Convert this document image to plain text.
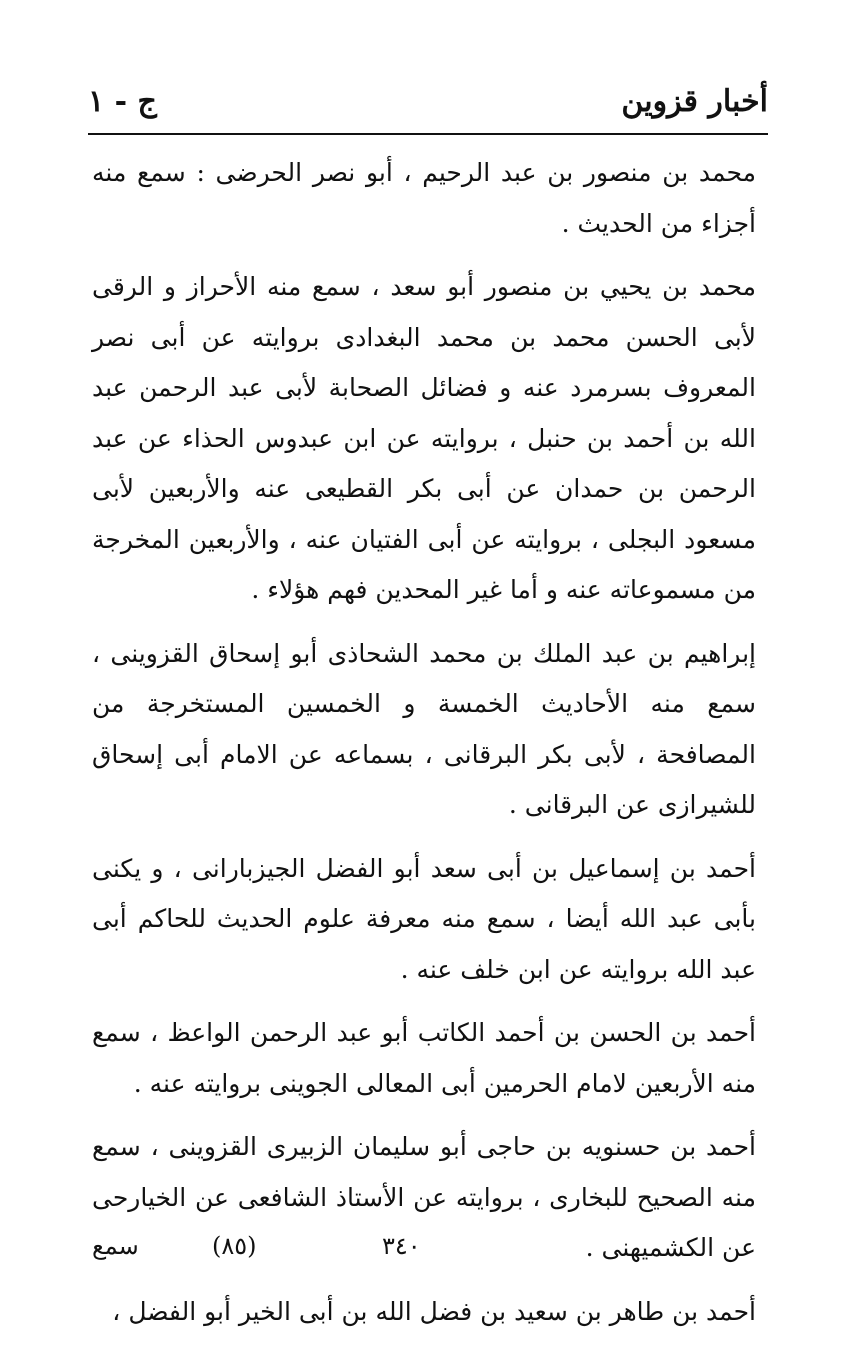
أخبار قزوين
ج - ١

محمد بن منصور بن عبد الرحيم ، أبو نصر الحرضى : سمع منه أجزاء من الحديث .

محمد بن يحيي بن منصور أبو سعد ، سمع منه الأحراز و الرقى لأبى الحسن محمد بن محمد البغدادى بروايته عن أبى نصر المعروف بسرمرد عنه و فضائل الصحابة لأبى عبد الرحمن عبد الله بن أحمد بن حنبل ، بروايته عن ابن عبدوس الحذاء عن عبد الرحمن بن حمدان عن أبى بكر القطيعى عنه والأربعين لأبى مسعود البجلى ، بروايته عن أبى الفتيان عنه ، والأربعين المخرجة من مسموعاته عنه و أما غير المحدين فهم هؤلاء .

إبراهيم بن عبد الملك بن محمد الشحاذى أبو إسحاق القزوينى ، سمع منه الأحاديث الخمسة و الخمسين المستخرجة من المصافحة ، لأبى بكر البرقانى ، بسماعه عن الامام أبى إسحاق للشيرازى عن البرقانى .

أحمد بن إسماعيل بن أبى سعد أبو الفضل الجيزبارانى ، و يكنى بأبى عبد الله أيضا ، سمع منه معرفة علوم الحديث للحاكم أبى عبد الله بروايته عن ابن خلف عنه .

أحمد بن الحسن بن أحمد الكاتب أبو عبد الرحمن الواعظ ، سمع منه الأربعين لامام الحرمين أبى المعالى الجوينى بروايته عنه .

أحمد بن حسنويه بن حاجى أبو سليمان الزبيرى القزوينى ، سمع منه الصحيح للبخارى ، بروايته عن الأستاذ الشافعى عن الخيارحى عن الكشميهنى .

أحمد بن طاهر بن سعيد بن فضل الله بن أبى الخير أبو الفضل ،

سمع	(٨٥)	٣٤٠
